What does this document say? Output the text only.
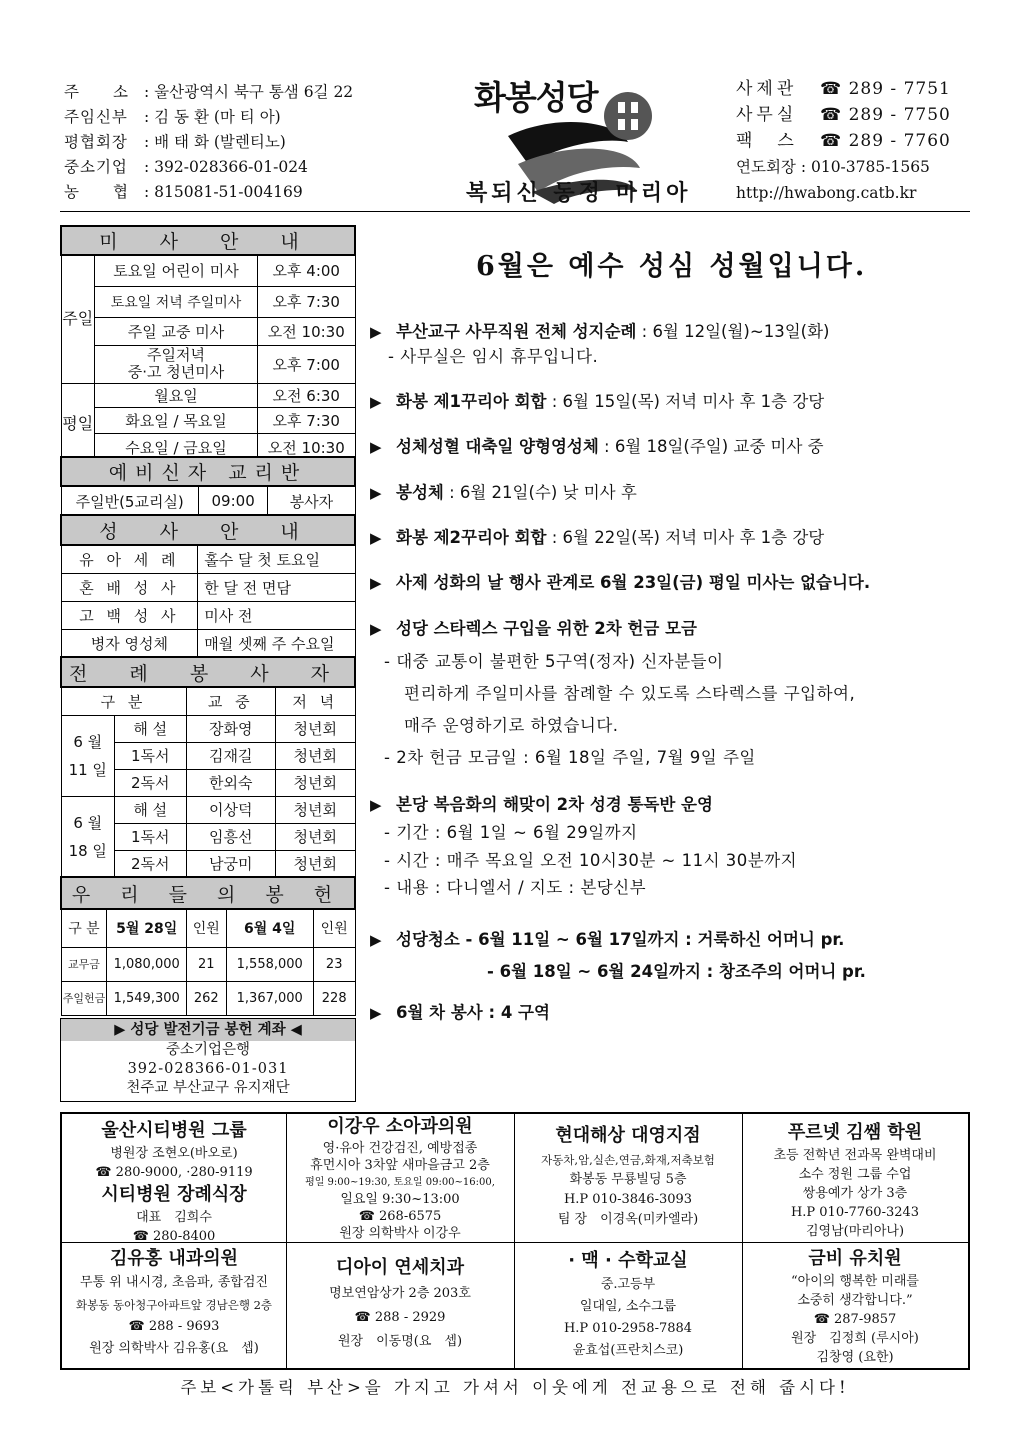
주　　소 : 울산광역시 북구 통샘 6길 22
주임신부	: 김 동 환 (마 티 아)
평협회장	: 배 태 화 (발렌티노)
중소기업	: 392-028366-01-024
농　　협 : 815081-51-004169
화봉성당
복되신 동정 마리아
사제관	☎ 289 - 7751
사무실	☎ 289 - 7750
팩　스	☎ 289 - 7760
연도회장 : 010-3785-1565
http://hwabong.catb.kr
미 사 안 내		
주일	토요일 어린이 미사	오후 4:00
	토요일 저녁 주일미사	오후 7:30
	주일 교중 미사	오전 10:30
	주일저녁
중·고 청년미사	오후 7:00
평일	월요일	오전 6:30
	화요일 / 목요일	오후 7:30
	수요일 / 금요일	오전 10:30
예비신자 교리반
주일반(5교리실)	09:00	봉사자
성 사 안 내	
유 아 세 례	홀수 달 첫 토요일
혼 배 성 사	한 달 전 면담
고 백 성 사	미사 전
병자 영성체	매월 셋째 주 수요일
전 례 봉 사 자			
구 분		교 중	저 녁
6 월
11 일	해 설	장화영	청년회
	1독서	김재길	청년회
	2독서	한외숙	청년회
6 월
18 일	해 설	이상덕	청년회
	1독서	임흥선	청년회
	2독서	남궁미	청년회
우 리 들 의 봉 헌				
구 분	5월 28일	인원	6월 4일	인원
교무금	1,080,000	21	1,558,000	23
주일헌금	1,549,300	262	1,367,000	228
▶ 성당 발전기금 봉헌 계좌 ◀
중소기업은행
392-028366-01-031
천주교 부산교구 유지재단
6월은 예수 성심 성월입니다.
▶ 부산교구 사무직원 전체 성지순례 : 6월 12일(월)~13일(화)
- 사무실은 임시 휴무입니다.
▶ 화봉 제1꾸리아 회합 : 6월 15일(목) 저녁 미사 후 1층 강당
▶ 성체성혈 대축일 양형영성체 : 6월 18일(주일) 교중 미사 중
▶ 봉성체 : 6월 21일(수) 낮 미사 후
▶ 화봉 제2꾸리아 회합 : 6월 22일(목) 저녁 미사 후 1층 강당
▶ 사제 성화의 날 행사 관계로 6월 23일(금) 평일 미사는 없습니다.
▶ 성당 스타렉스 구입을 위한 2차 헌금 모금
- 대중 교통이 불편한 5구역(정자) 신자분들이
편리하게 주일미사를 참례할 수 있도록 스타렉스를 구입하여,
매주 운영하기로 하였습니다.
- 2차 헌금 모금일 : 6월 18일 주일, 7월 9일 주일
▶ 본당 복음화의 해맞이 2차 성경 통독반 운영
- 기간 : 6월 1일 ~ 6월 29일까지
- 시간 : 매주 목요일 오전 10시30분 ~ 11시 30분까지
- 내용 : 다니엘서 / 지도 : 본당신부
▶ 성당청소 - 6월 11일 ~ 6월 17일까지 : 거룩하신 어머니 pr.
- 6월 18일 ~ 6월 24일까지 : 창조주의 어머니 pr.
▶ 6월 차 봉사 : 4 구역
울산시티병원 그룹
병원장 조현오(바오로)
☎ 280-9000, ·280-9119
시티병원 장례식장
대표　김희수
☎ 280-8400
이강우 소아과의원
영·유아 건강검진, 예방접종
휴먼시아 3차앞 새마을금고 2층
평일 9:00~19:30, 토요일 09:00~16:00,
일요일 9:30~13:00
☎ 268-6575
원장 의학박사 이강우
현대해상 대영지점
자동차,암,실손,연금,화재,저축보험
화봉동 무룡빌딩 5층
H.P 010-3846-3093
팀 장　이경옥(미카엘라)
푸르넷 김쌤 학원
초등 전학년 전과목 완벽대비
소수 정원 그룹 수업
쌍용예가 상가 3층
H.P 010-7760-3243
김영남(마리아나)
김유홍 내과의원
무통 위 내시경, 초음파, 종합검진
화봉동 동아청구아파트앞 경남은행 2층
☎ 288 - 9693
원장 의학박사 김유홍(요　셉)
디아이 연세치과
명보연암상가 2층 203호
☎ 288 - 2929
원장　이동명(요　셉)
· 맥 · 수학교실
중.고등부
일대일, 소수그룹
H.P 010-2958-7884
윤효섭(프란치스코)
금비 유치원
“아이의 행복한 미래를
소중히 생각합니다.”
☎ 287-9857
원장　김정희 (루시아)
김창영 (요한)
주보<가톨릭 부산>을 가지고 가셔서 이웃에게 전교용으로 전해 줍시다!
